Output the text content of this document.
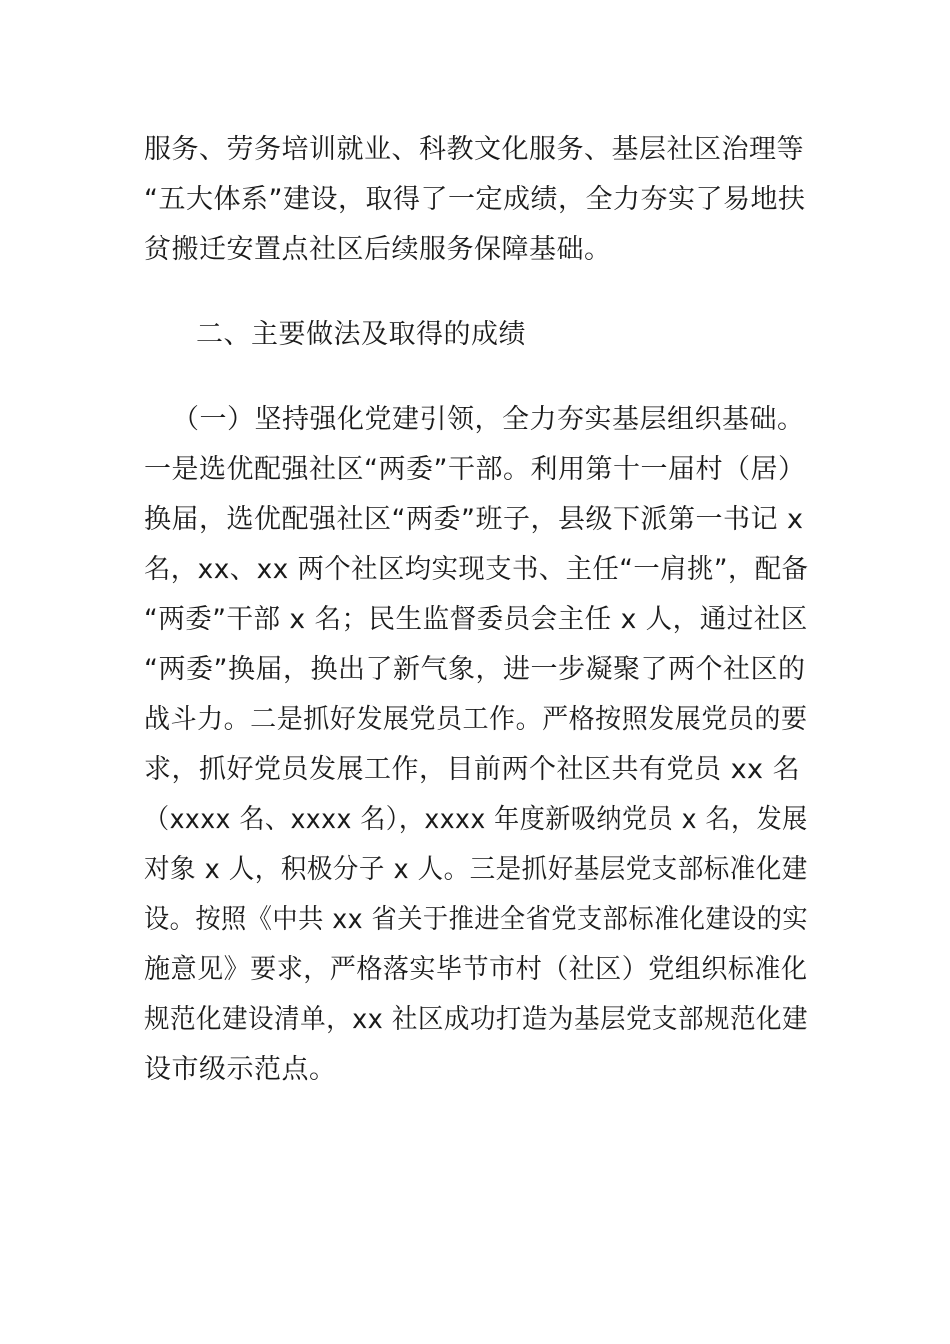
服务、劳务培训就业、科教文化服务、基层社区治理等
“五大体系”建设，取得了一定成绩，全力夯实了易地扶
贫搬迁安置点社区后续服务保障基础。
二、主要做法及取得的成绩
（一）坚持强化党建引领，全力夯实基层组织基础。
一是选优配强社区“两委”干部。利用第十一届村（居）
换届，选优配强社区“两委”班子，县级下派第一书记 x
名，xx、xx 两个社区均实现支书、主任“一肩挑”，配备
“两委”干部 x 名；民生监督委员会主任 x 人，通过社区
“两委”换届，换出了新气象，进一步凝聚了两个社区的
战斗力。二是抓好发展党员工作。严格按照发展党员的要
求，抓好党员发展工作，目前两个社区共有党员 xx 名
（xxxx 名、xxxx 名），xxxx 年度新吸纳党员 x 名，发展
对象 x 人，积极分子 x 人。三是抓好基层党支部标准化建
设。按照《中共 xx 省关于推进全省党支部标准化建设的实
施意见》要求，严格落实毕节市村（社区）党组织标准化
规范化建设清单，xx 社区成功打造为基层党支部规范化建
设市级示范点。
